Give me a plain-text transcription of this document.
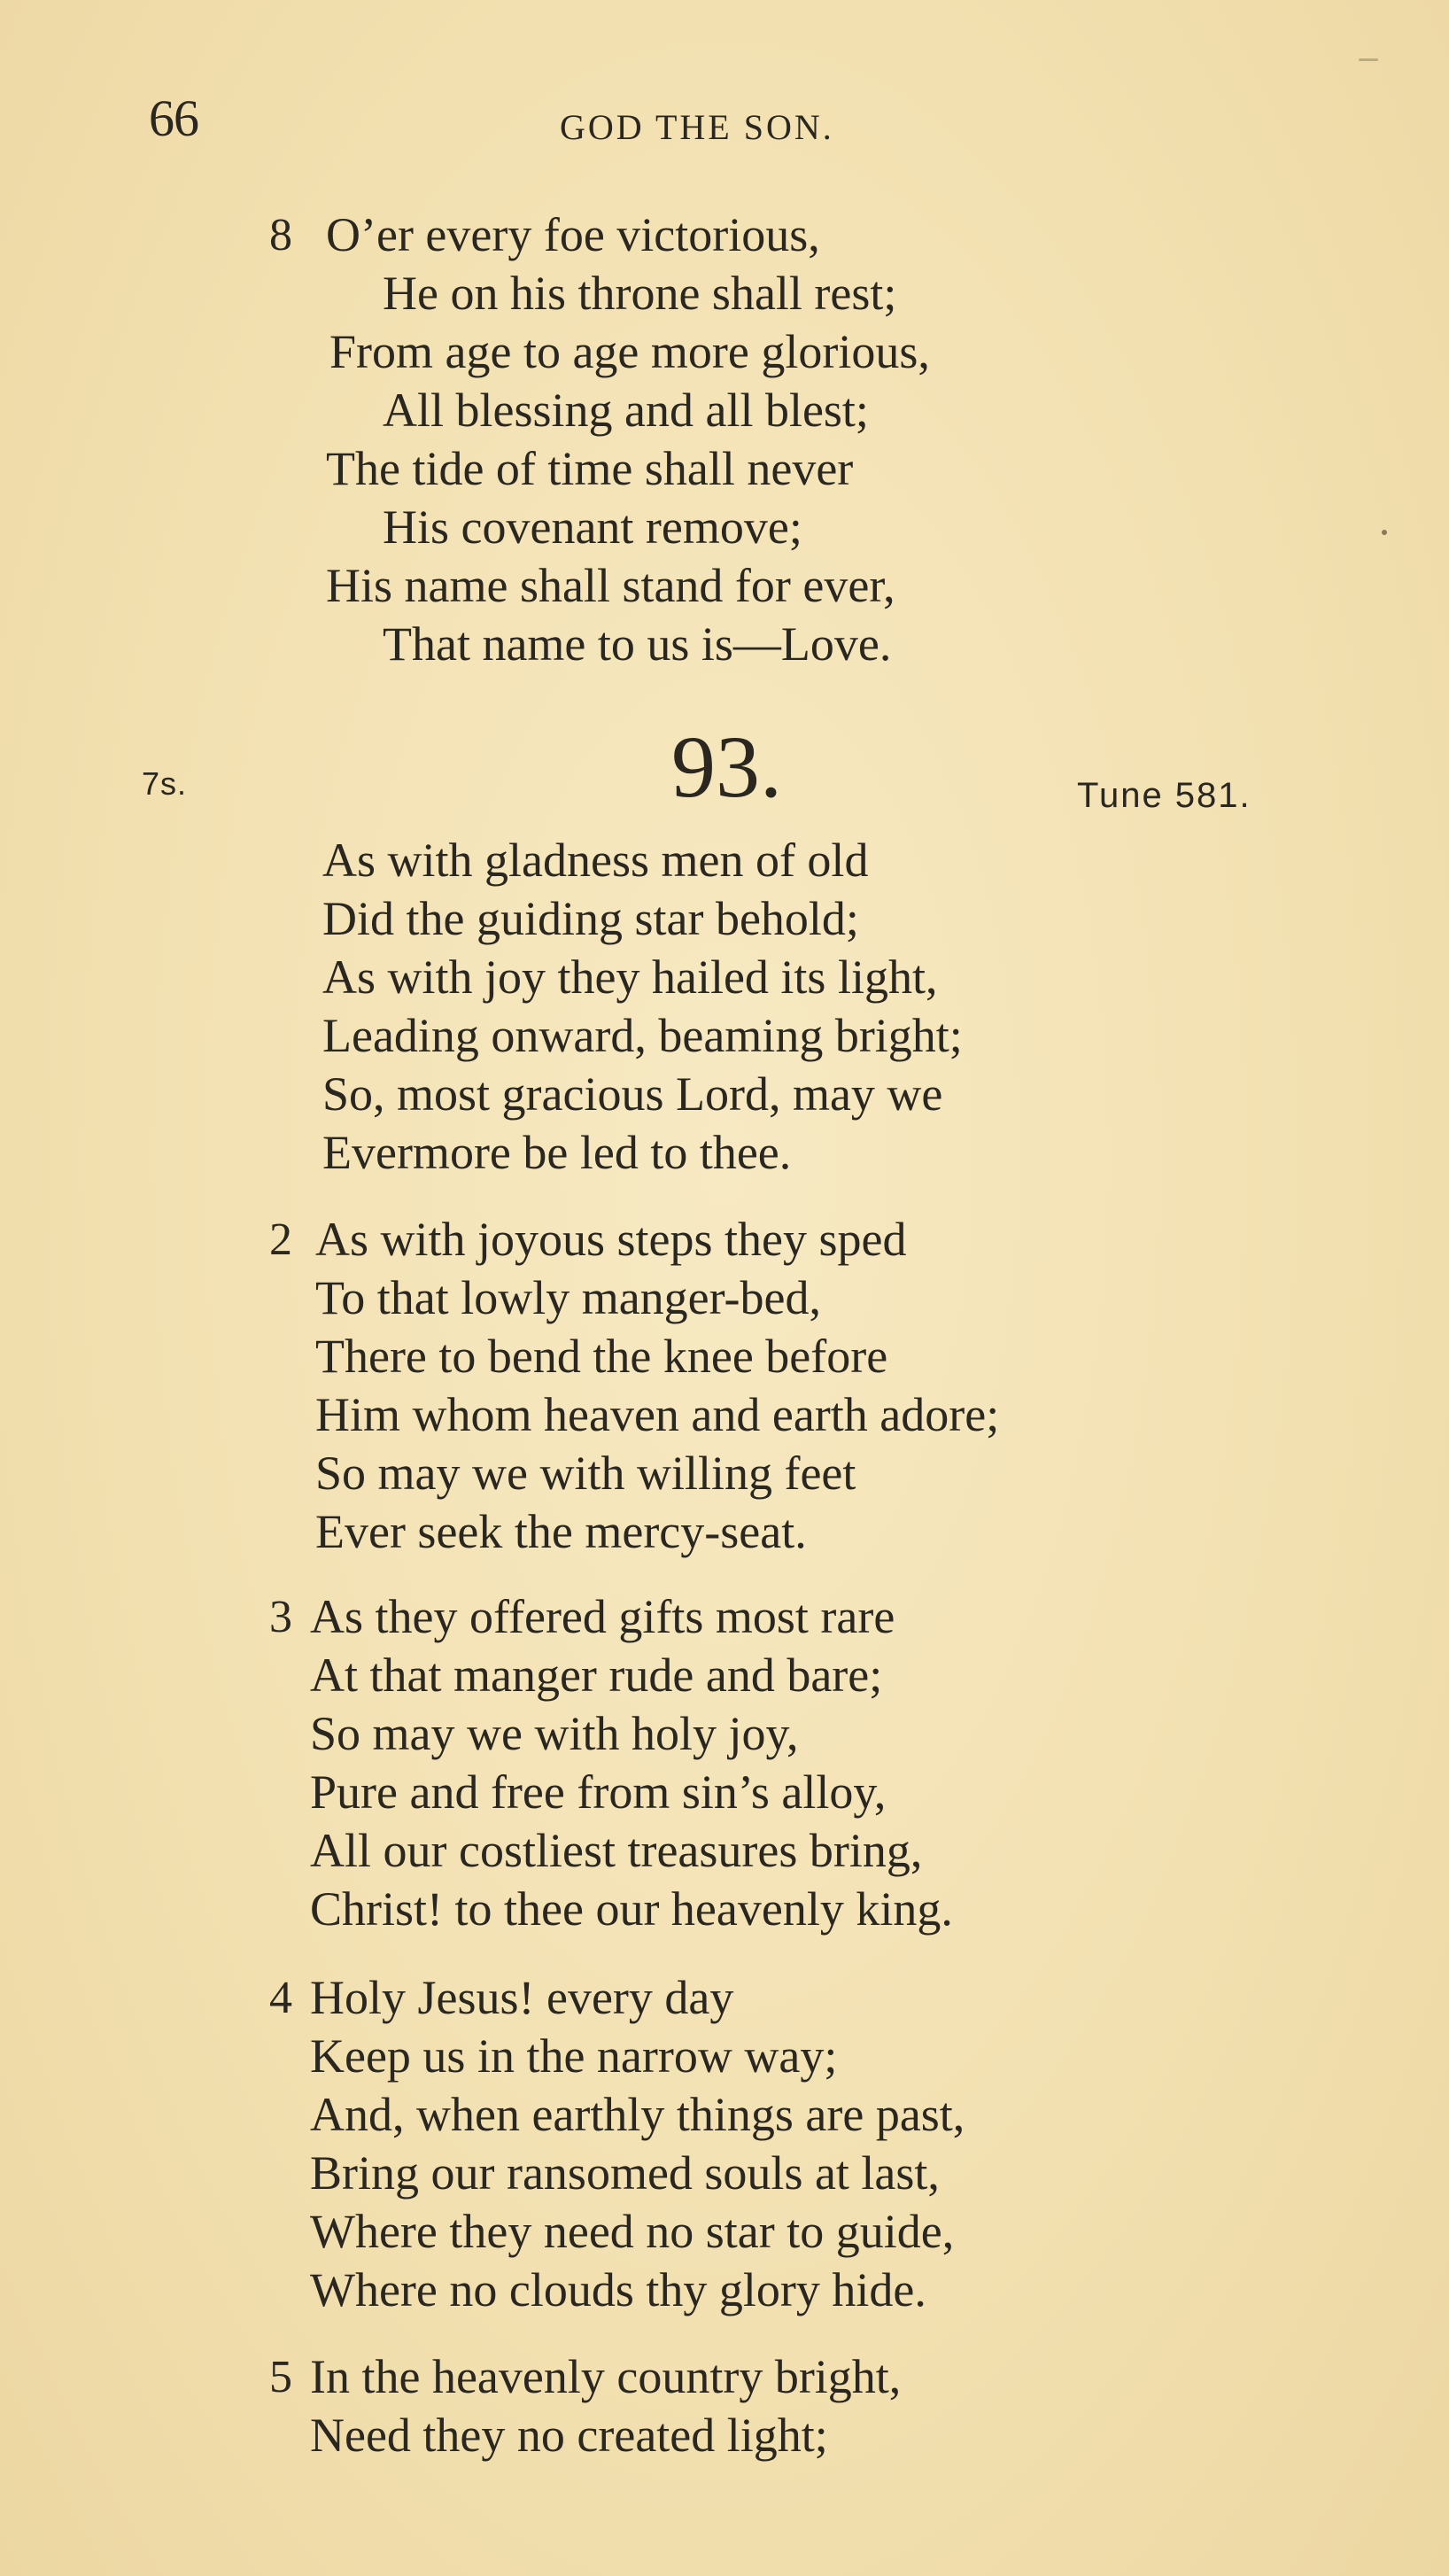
66	GOD THE SON.
8 O’er every foe victorious,
He on his throne shall rest;
From age to age more glorious,
All blessing and all blest;
The tide of time shall never
His covenant remove;
His name shall stand for ever,
That name to us is—Love.
7s.	93.	Tune 581.
As with gladness men of old
Did the guiding star behold;
As with joy they hailed its light,
Leading onward, beaming bright;
So, most gracious Lord, may we
Evermore be led to thee.
2 As with joyous steps they sped
To that lowly manger-bed,
There to bend the knee before
Him whom heaven and earth adore;
So may we with willing feet
Ever seek the mercy-seat.
3 As they offered gifts most rare
At that manger rude and bare;
So may we with holy joy,
Pure and free from sin’s alloy,
All our costliest treasures bring,
Christ! to thee our heavenly king.
4 Holy Jesus! every day
Keep us in the narrow way;
And, when earthly things are past,
Bring our ransomed souls at last,
Where they need no star to guide,
Where no clouds thy glory hide.
5 In the heavenly country bright,
Need they no created light;
